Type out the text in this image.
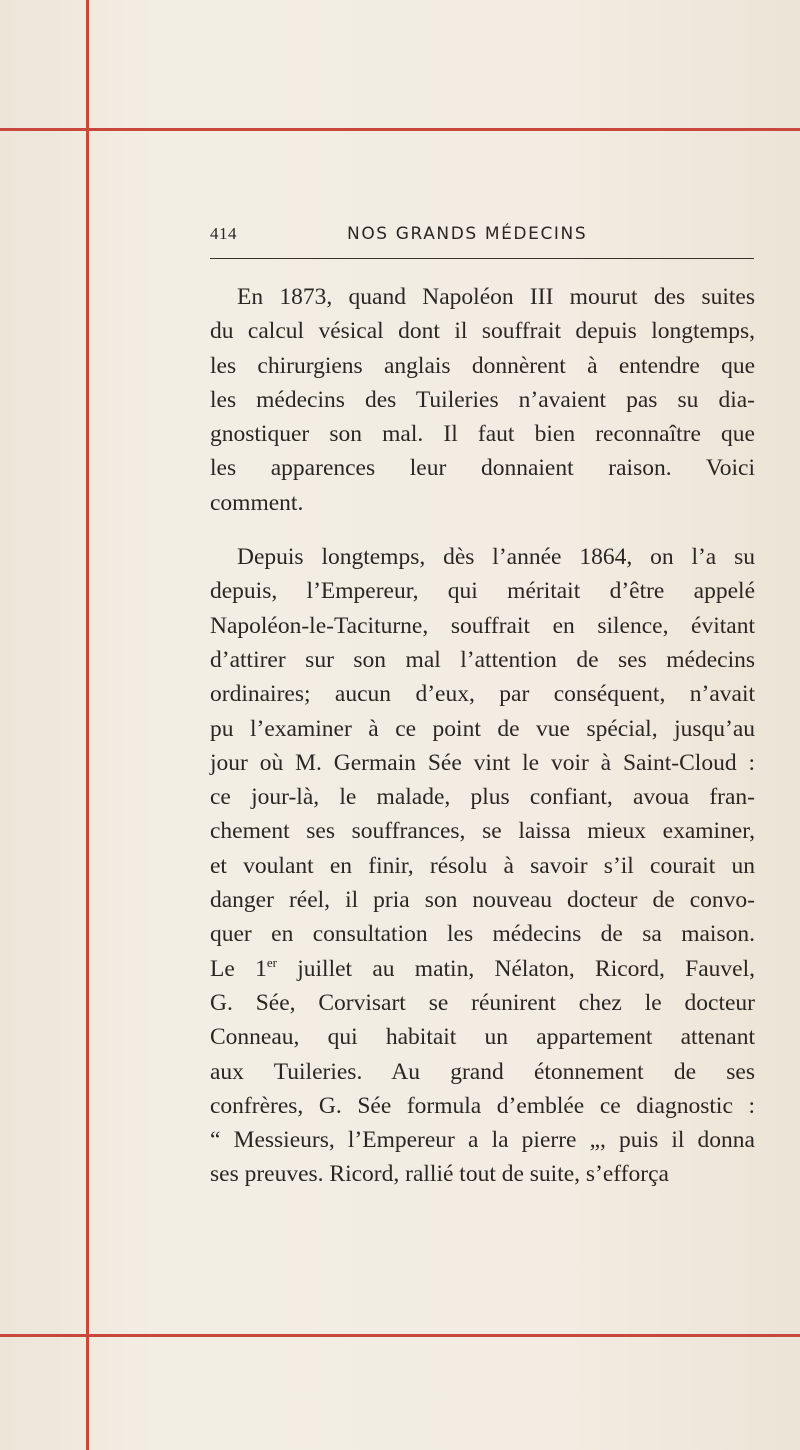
414	NOS GRANDS MÉDECINS
En 1873, quand Napoléon III mourut des suites
du calcul vésical dont il souffrait depuis longtemps,
les chirurgiens anglais donnèrent à entendre que
les médecins des Tuileries n’avaient pas su dia-
gnostiquer son mal. Il faut bien reconnaître que
les apparences leur donnaient raison. Voici
comment.
Depuis longtemps, dès l’année 1864, on l’a su
depuis, l’Empereur, qui méritait d’être appelé
Napoléon-le-Taciturne, souffrait en silence, évitant
d’attirer sur son mal l’attention de ses médecins
ordinaires; aucun d’eux, par conséquent, n’avait
pu l’examiner à ce point de vue spécial, jusqu’au
jour où M. Germain Sée vint le voir à Saint-Cloud :
ce jour-là, le malade, plus confiant, avoua fran-
chement ses souffrances, se laissa mieux examiner,
et voulant en finir, résolu à savoir s’il courait un
danger réel, il pria son nouveau docteur de convo-
quer en consultation les médecins de sa maison.
Le 1er juillet au matin, Nélaton, Ricord, Fauvel,
G. Sée, Corvisart se réunirent chez le docteur
Conneau, qui habitait un appartement attenant
aux Tuileries. Au grand étonnement de ses
confrères, G. Sée formula d’emblée ce diagnostic :
“ Messieurs, l’Empereur a la pierre „, puis il donna
ses preuves. Ricord, rallié tout de suite, s’efforça
